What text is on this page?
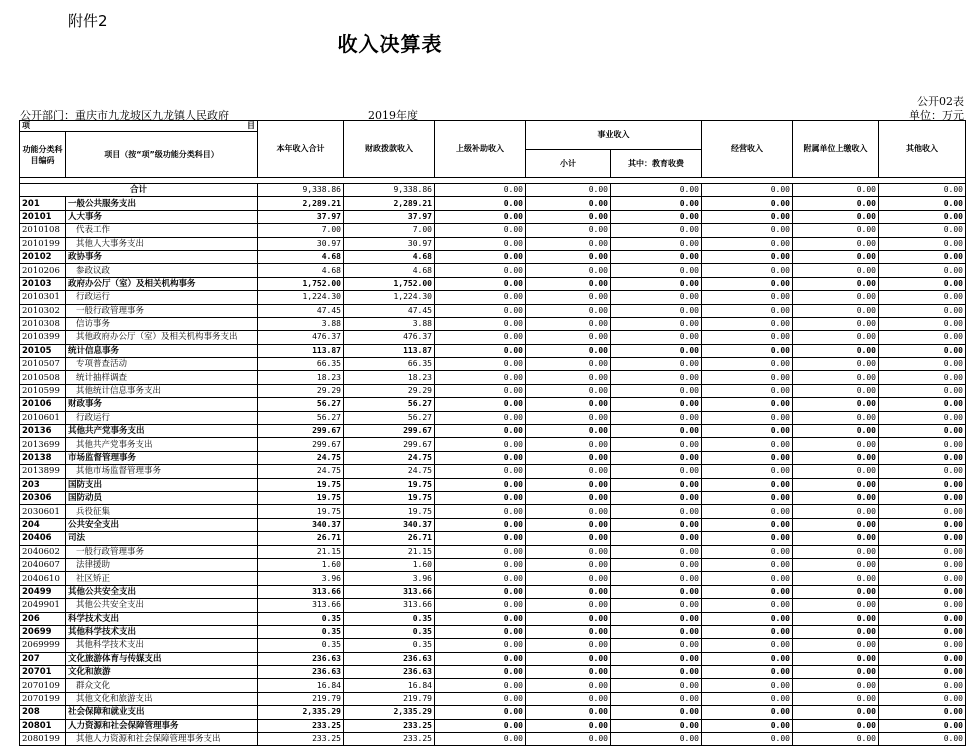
附件2
收入决算表
公开02表
单位：万元
公开部门：重庆市九龙坡区九龙镇人民政府	2019年度
项 目		本年收入合计	财政拨款收入	上级补助收入	事业收入		经营收入	附属单位上缴收入	其他收入
功能分类科目编码	项目（按“项”级功能分类科目）								
					小计	其中：教育收费			

合计		9,338.86	9,338.86	0.00	0.00	0.00	0.00	0.00	0.00
201	一般公共服务支出	2,289.21	2,289.21	0.00	0.00	0.00	0.00	0.00	0.00
20101	人大事务	37.97	37.97	0.00	0.00	0.00	0.00	0.00	0.00
2010108	代表工作	7.00	7.00	0.00	0.00	0.00	0.00	0.00	0.00
2010199	其他人大事务支出	30.97	30.97	0.00	0.00	0.00	0.00	0.00	0.00
20102	政协事务	4.68	4.68	0.00	0.00	0.00	0.00	0.00	0.00
2010206	参政议政	4.68	4.68	0.00	0.00	0.00	0.00	0.00	0.00
20103	政府办公厅（室）及相关机构事务	1,752.00	1,752.00	0.00	0.00	0.00	0.00	0.00	0.00
2010301	行政运行	1,224.30	1,224.30	0.00	0.00	0.00	0.00	0.00	0.00
2010302	一般行政管理事务	47.45	47.45	0.00	0.00	0.00	0.00	0.00	0.00
2010308	信访事务	3.88	3.88	0.00	0.00	0.00	0.00	0.00	0.00
2010399	其他政府办公厅（室）及相关机构事务支出	476.37	476.37	0.00	0.00	0.00	0.00	0.00	0.00
20105	统计信息事务	113.87	113.87	0.00	0.00	0.00	0.00	0.00	0.00
2010507	专项普查活动	66.35	66.35	0.00	0.00	0.00	0.00	0.00	0.00
2010508	统计抽样调查	18.23	18.23	0.00	0.00	0.00	0.00	0.00	0.00
2010599	其他统计信息事务支出	29.29	29.29	0.00	0.00	0.00	0.00	0.00	0.00
20106	财政事务	56.27	56.27	0.00	0.00	0.00	0.00	0.00	0.00
2010601	行政运行	56.27	56.27	0.00	0.00	0.00	0.00	0.00	0.00
20136	其他共产党事务支出	299.67	299.67	0.00	0.00	0.00	0.00	0.00	0.00
2013699	其他共产党事务支出	299.67	299.67	0.00	0.00	0.00	0.00	0.00	0.00
20138	市场监督管理事务	24.75	24.75	0.00	0.00	0.00	0.00	0.00	0.00
2013899	其他市场监督管理事务	24.75	24.75	0.00	0.00	0.00	0.00	0.00	0.00
203	国防支出	19.75	19.75	0.00	0.00	0.00	0.00	0.00	0.00
20306	国防动员	19.75	19.75	0.00	0.00	0.00	0.00	0.00	0.00
2030601	兵役征集	19.75	19.75	0.00	0.00	0.00	0.00	0.00	0.00
204	公共安全支出	340.37	340.37	0.00	0.00	0.00	0.00	0.00	0.00
20406	司法	26.71	26.71	0.00	0.00	0.00	0.00	0.00	0.00
2040602	一般行政管理事务	21.15	21.15	0.00	0.00	0.00	0.00	0.00	0.00
2040607	法律援助	1.60	1.60	0.00	0.00	0.00	0.00	0.00	0.00
2040610	社区矫正	3.96	3.96	0.00	0.00	0.00	0.00	0.00	0.00
20499	其他公共安全支出	313.66	313.66	0.00	0.00	0.00	0.00	0.00	0.00
2049901	其他公共安全支出	313.66	313.66	0.00	0.00	0.00	0.00	0.00	0.00
206	科学技术支出	0.35	0.35	0.00	0.00	0.00	0.00	0.00	0.00
20699	其他科学技术支出	0.35	0.35	0.00	0.00	0.00	0.00	0.00	0.00
2069999	其他科学技术支出	0.35	0.35	0.00	0.00	0.00	0.00	0.00	0.00
207	文化旅游体育与传媒支出	236.63	236.63	0.00	0.00	0.00	0.00	0.00	0.00
20701	文化和旅游	236.63	236.63	0.00	0.00	0.00	0.00	0.00	0.00
2070109	群众文化	16.84	16.84	0.00	0.00	0.00	0.00	0.00	0.00
2070199	其他文化和旅游支出	219.79	219.79	0.00	0.00	0.00	0.00	0.00	0.00
208	社会保障和就业支出	2,335.29	2,335.29	0.00	0.00	0.00	0.00	0.00	0.00
20801	人力资源和社会保障管理事务	233.25	233.25	0.00	0.00	0.00	0.00	0.00	0.00
2080199	其他人力资源和社会保障管理事务支出	233.25	233.25	0.00	0.00	0.00	0.00	0.00	0.00
